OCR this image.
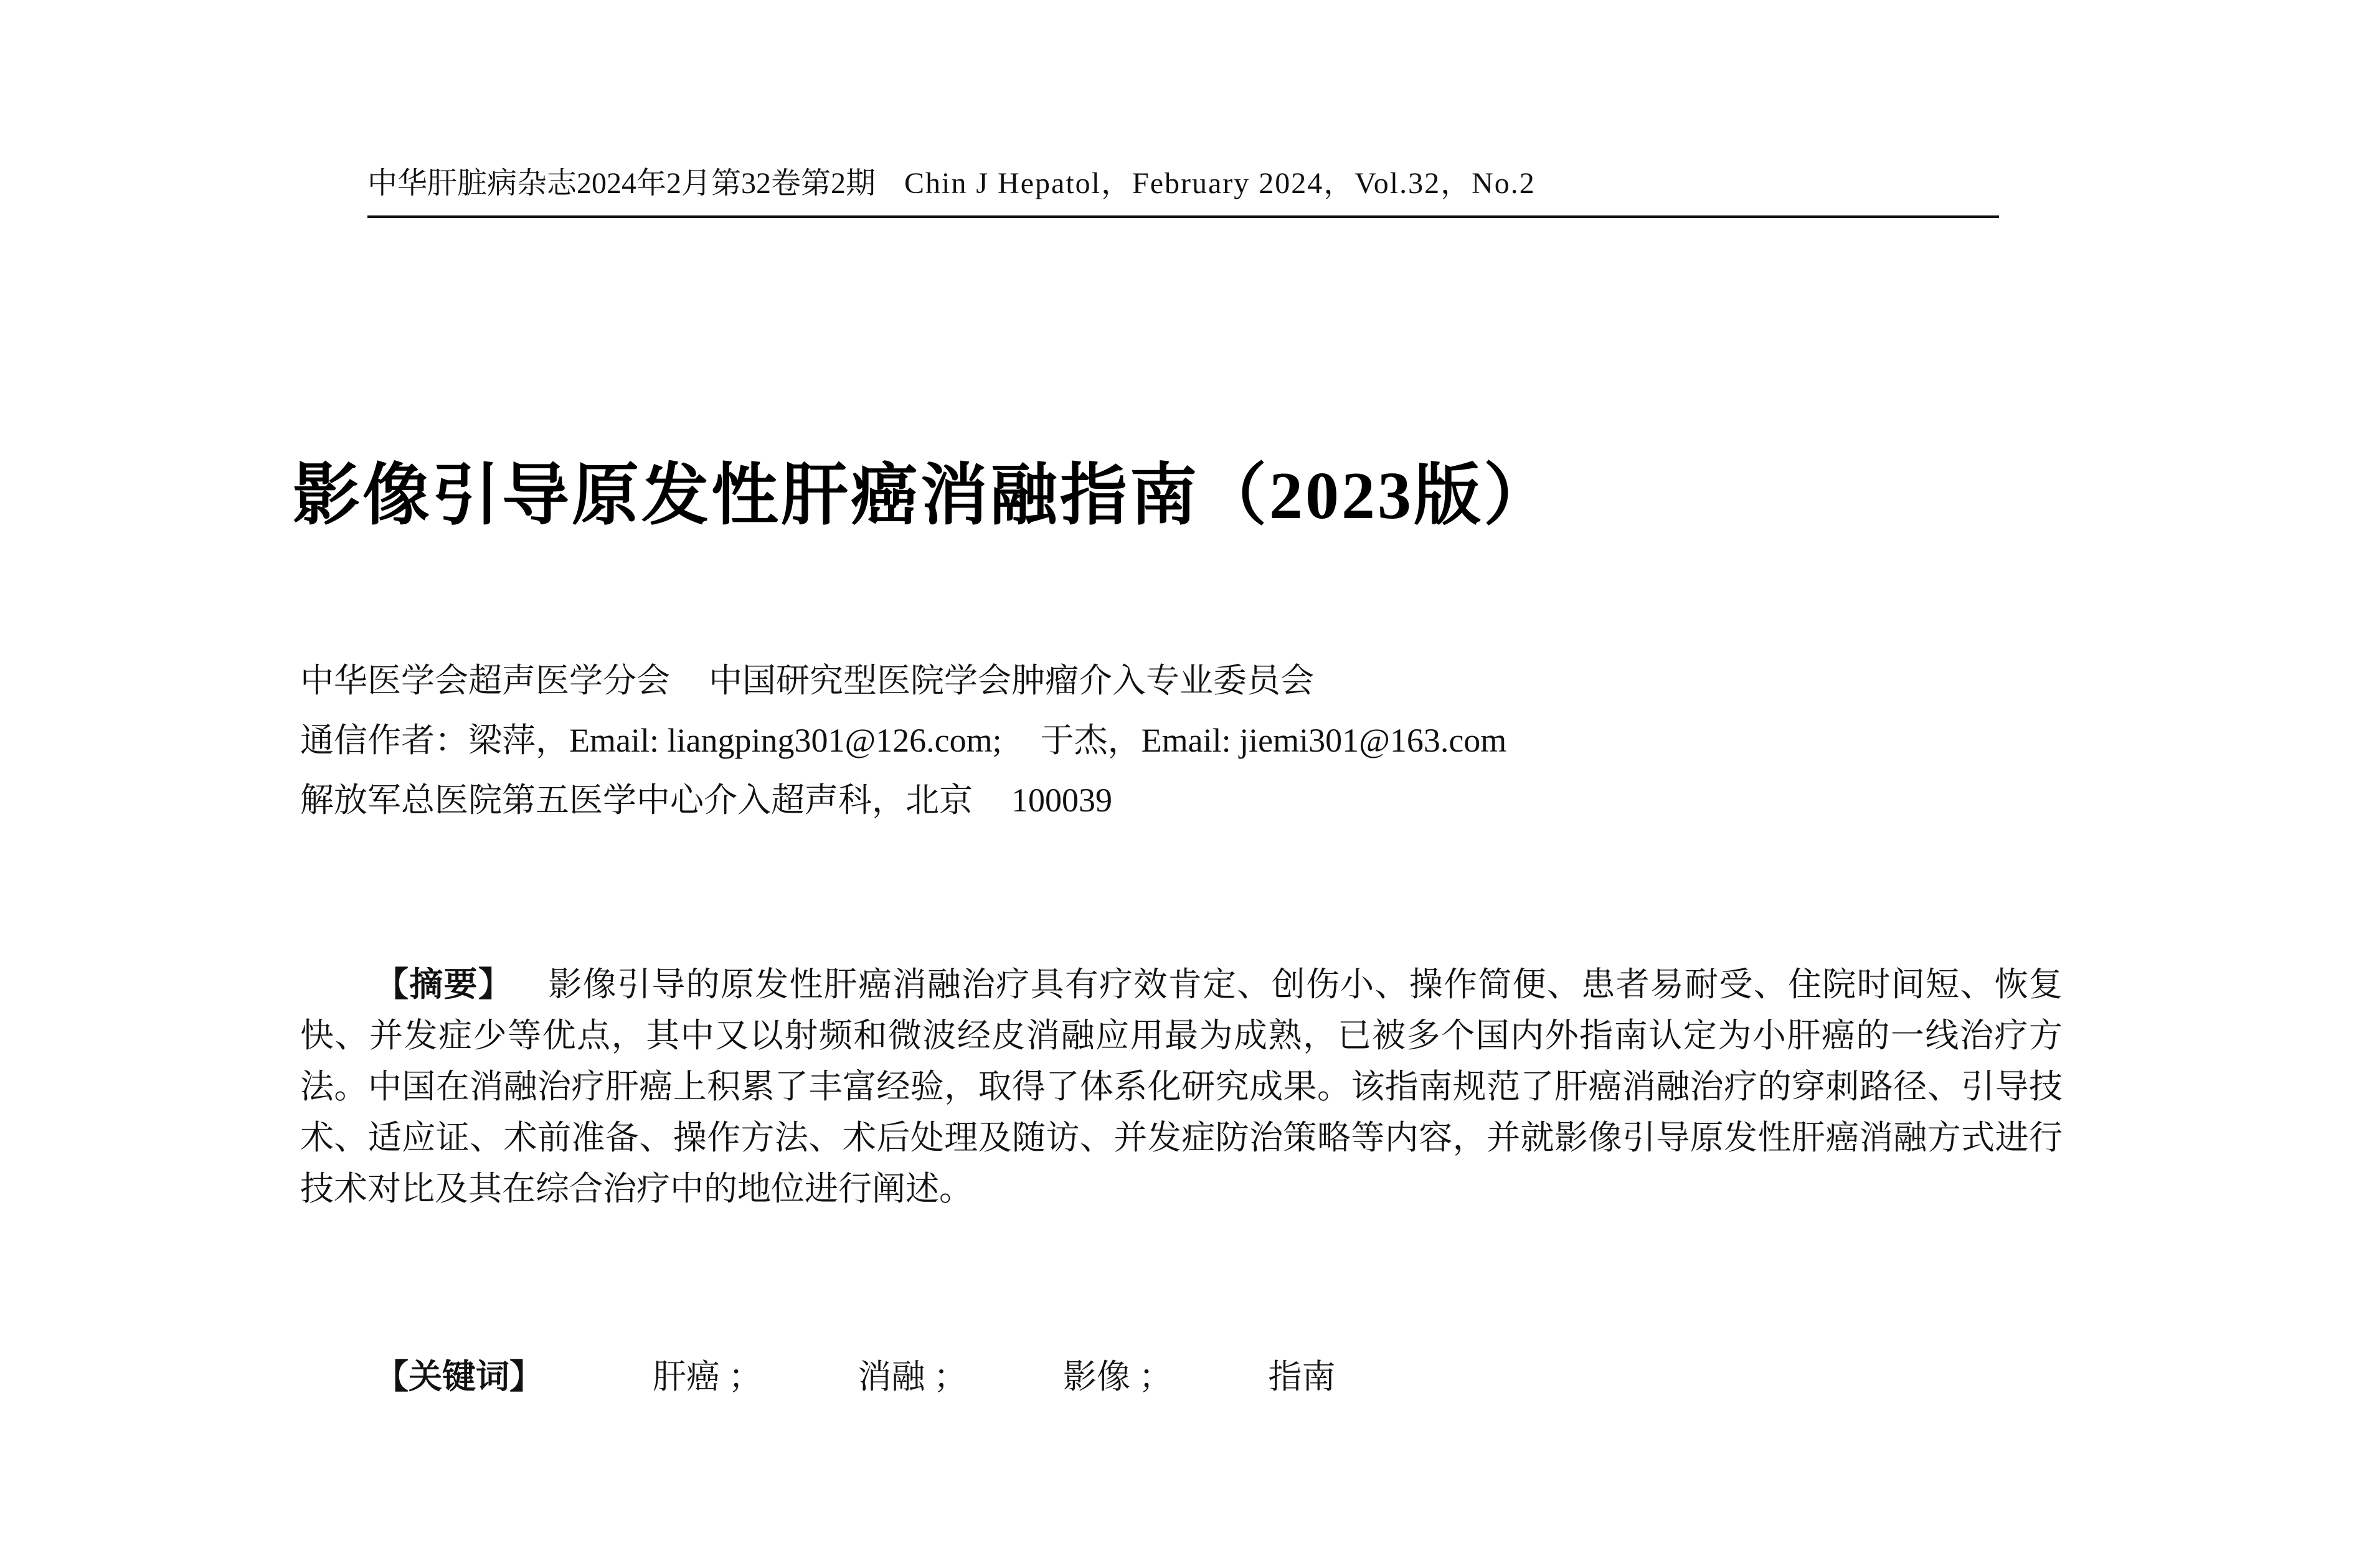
中华肝脏病杂志2024年2月第32卷第2期 Chin J Hepatol，February 2024，Vol.32，No.2
影像引导原发性肝癌消融指南（2023版）
中华医学会超声医学分会 中国研究型医院学会肿瘤介入专业委员会
通信作者：梁萍，Email: liangping301@126.com; 于杰，Email: jiemi301@163.com
解放军总医院第五医学中心介入超声科，北京 100039

【摘要】 影像引导的原发性肝癌消融治疗具有疗效肯定、创伤小、操作简便、患者易耐受、住院时间短、恢复快、并发症少等优点，其中又以射频和微波经皮消融应用最为成熟，已被多个国内外指南认定为小肝癌的一线治疗方法。中国在消融治疗肝癌上积累了丰富经验，取得了体系化研究成果。该指南规范了肝癌消融治疗的穿刺路径、引导技术、适应证、术前准备、操作方法、术后处理及随访、并发症防治策略等内容，并就影像引导原发性肝癌消融方式进行技术对比及其在综合治疗中的地位进行阐述。

【关键词】	肝癌 ；	消融 ；	影像 ；	指南
